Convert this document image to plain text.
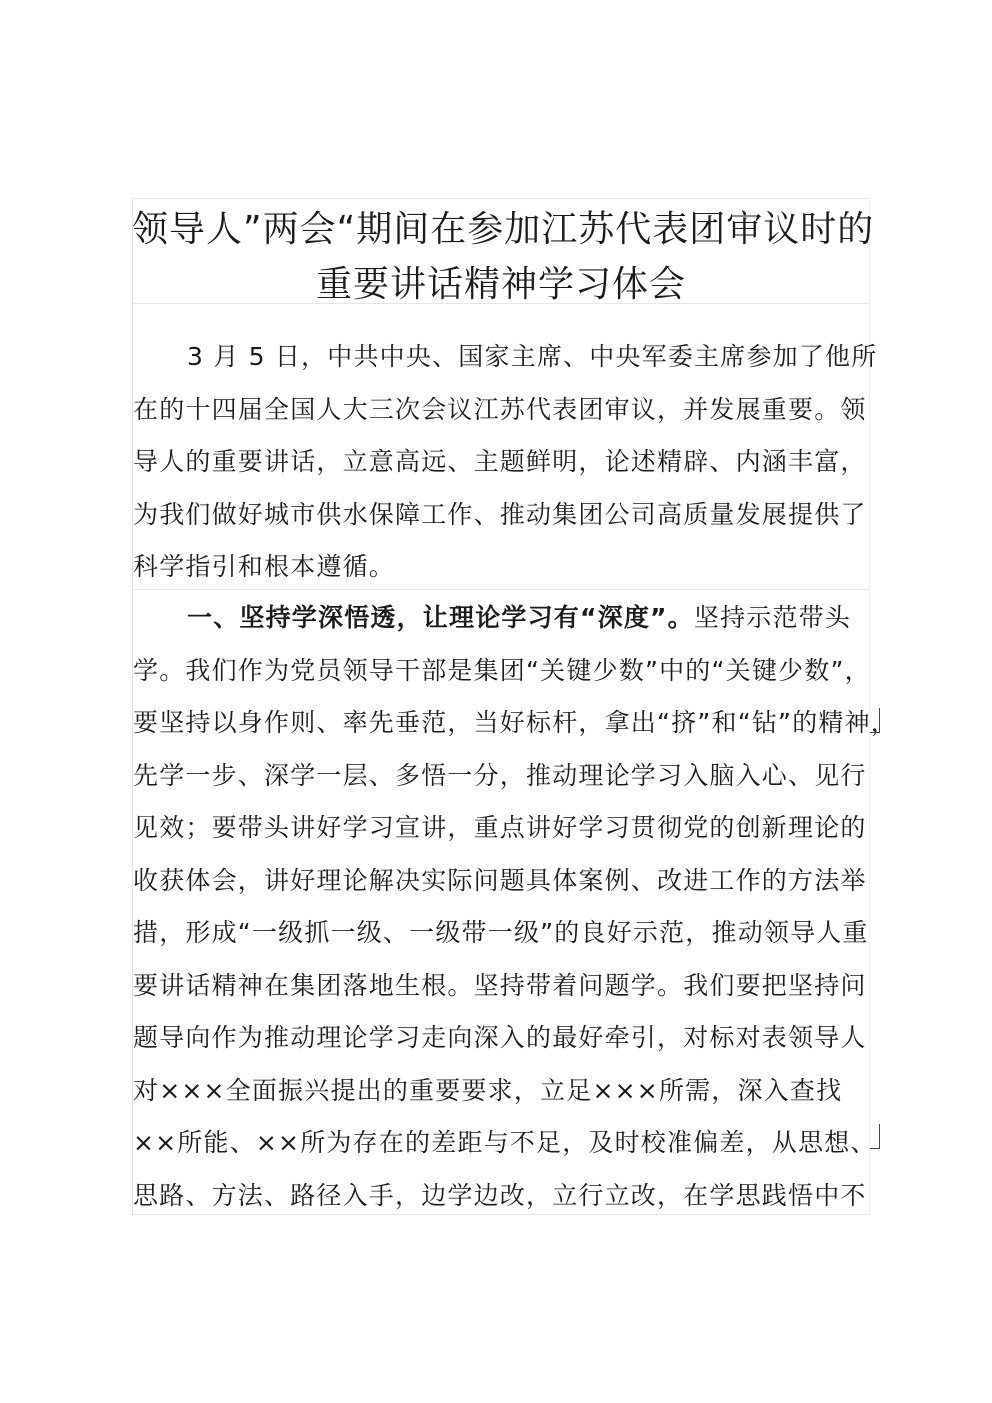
领导人”两会“期间在参加江苏代表团审议时的
重要讲话精神学习体会
3 月 5 日，中共中央、国家主席、中央军委主席参加了他所
在的十四届全国人大三次会议江苏代表团审议，并发展重要。领
导人的重要讲话，立意高远、主题鲜明，论述精辟、内涵丰富，
为我们做好城市供水保障工作、推动集团公司高质量发展提供了
科学指引和根本遵循。
一、坚持学深悟透，让理论学习有“深度”。坚持示范带头
学。我们作为党员领导干部是集团“关键少数”中的“关键少数”，
要坚持以身作则、率先垂范，当好标杆，拿出“挤”和“钻”的精神，
先学一步、深学一层、多悟一分，推动理论学习入脑入心、见行
见效；要带头讲好学习宣讲，重点讲好学习贯彻党的创新理论的
收获体会，讲好理论解决实际问题具体案例、改进工作的方法举
措，形成“一级抓一级、一级带一级”的良好示范，推动领导人重
要讲话精神在集团落地生根。坚持带着问题学。我们要把坚持问
题导向作为推动理论学习走向深入的最好牵引，对标对表领导人
对×××全面振兴提出的重要要求，立足×××所需，深入查找
××所能、××所为存在的差距与不足，及时校准偏差，从思想、
思路、方法、路径入手，边学边改，立行立改，在学思践悟中不
